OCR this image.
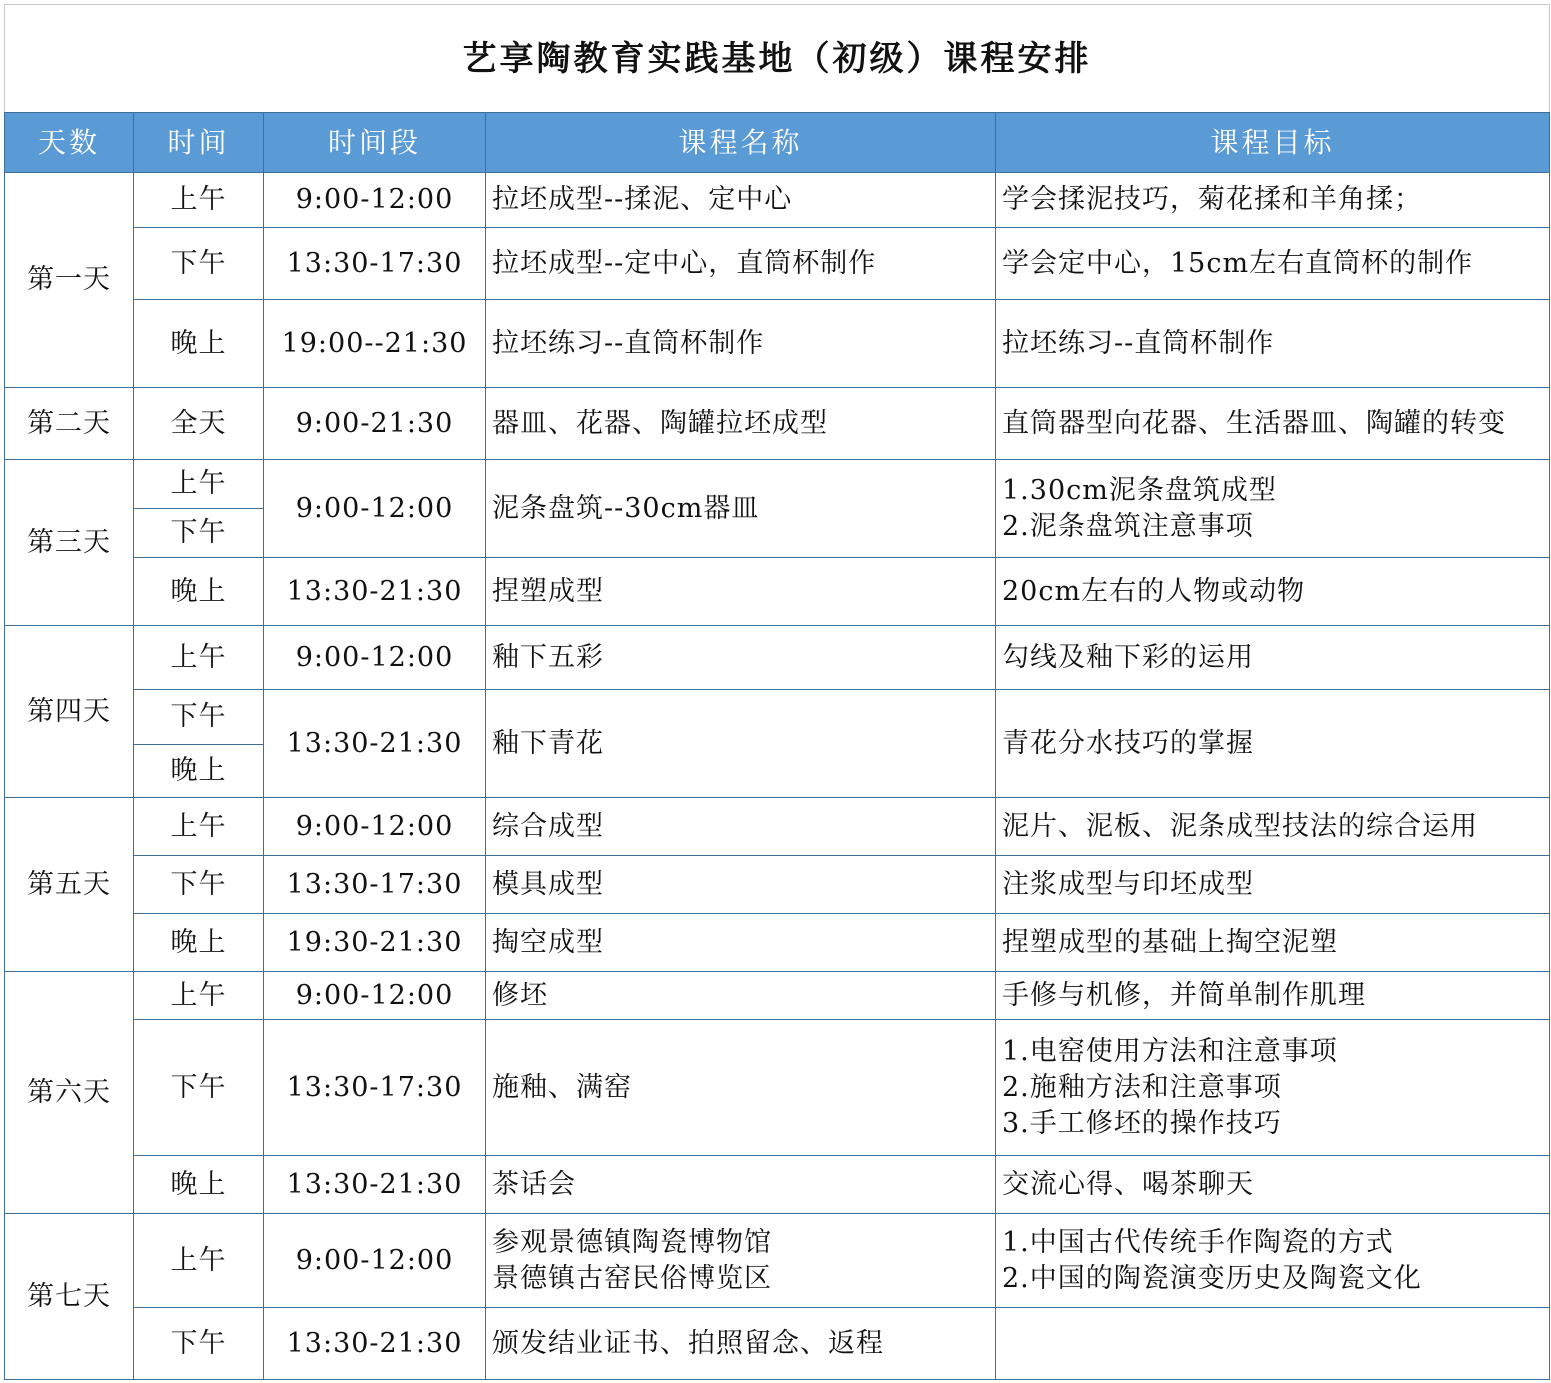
艺享陶教育实践基地（初级）课程安排				
天数	时间	时间段	课程名称	课程目标
第一天	上午	9:00-12:00	拉坯成型--揉泥、定中心	学会揉泥技巧，菊花揉和羊角揉；
	下午	13:30-17:30	拉坯成型--定中心，直筒杯制作	学会定中心，15cm左右直筒杯的制作
	晚上	19:00--21:30	拉坯练习--直筒杯制作	拉坯练习--直筒杯制作
第二天	全天	9:00-21:30	器皿、花器、陶罐拉坯成型	直筒器型向花器、生活器皿、陶罐的转变
第三天	上午	9:00-12:00	泥条盘筑--30cm器皿	1.30cm泥条盘筑成型
2.泥条盘筑注意事项

	下午			
	晚上	13:30-21:30	捏塑成型	20cm左右的人物或动物
第四天	上午	9:00-12:00	釉下五彩	勾线及釉下彩的运用
	下午	13:30-21:30	釉下青花	青花分水技巧的掌握
	晚上			
第五天	上午	9:00-12:00	综合成型	泥片、泥板、泥条成型技法的综合运用
	下午	13:30-17:30	模具成型	注浆成型与印坯成型
	晚上	19:30-21:30	掏空成型	捏塑成型的基础上掏空泥塑
第六天	上午	9:00-12:00	修坯	手修与机修，并简单制作肌理
	下午	13:30-17:30	施釉、满窑	1.电窑使用方法和注意事项
2.施釉方法和注意事项
3.手工修坯的操作技巧

	晚上	13:30-21:30	茶话会	交流心得、喝茶聊天
第七天	上午	9:00-12:00	参观景德镇陶瓷博物馆
景德镇古窑民俗博览区	1.中国古代传统手作陶瓷的方式
2.中国的陶瓷演变历史及陶瓷文化

	下午	13:30-21:30	颁发结业证书、拍照留念、返程	
